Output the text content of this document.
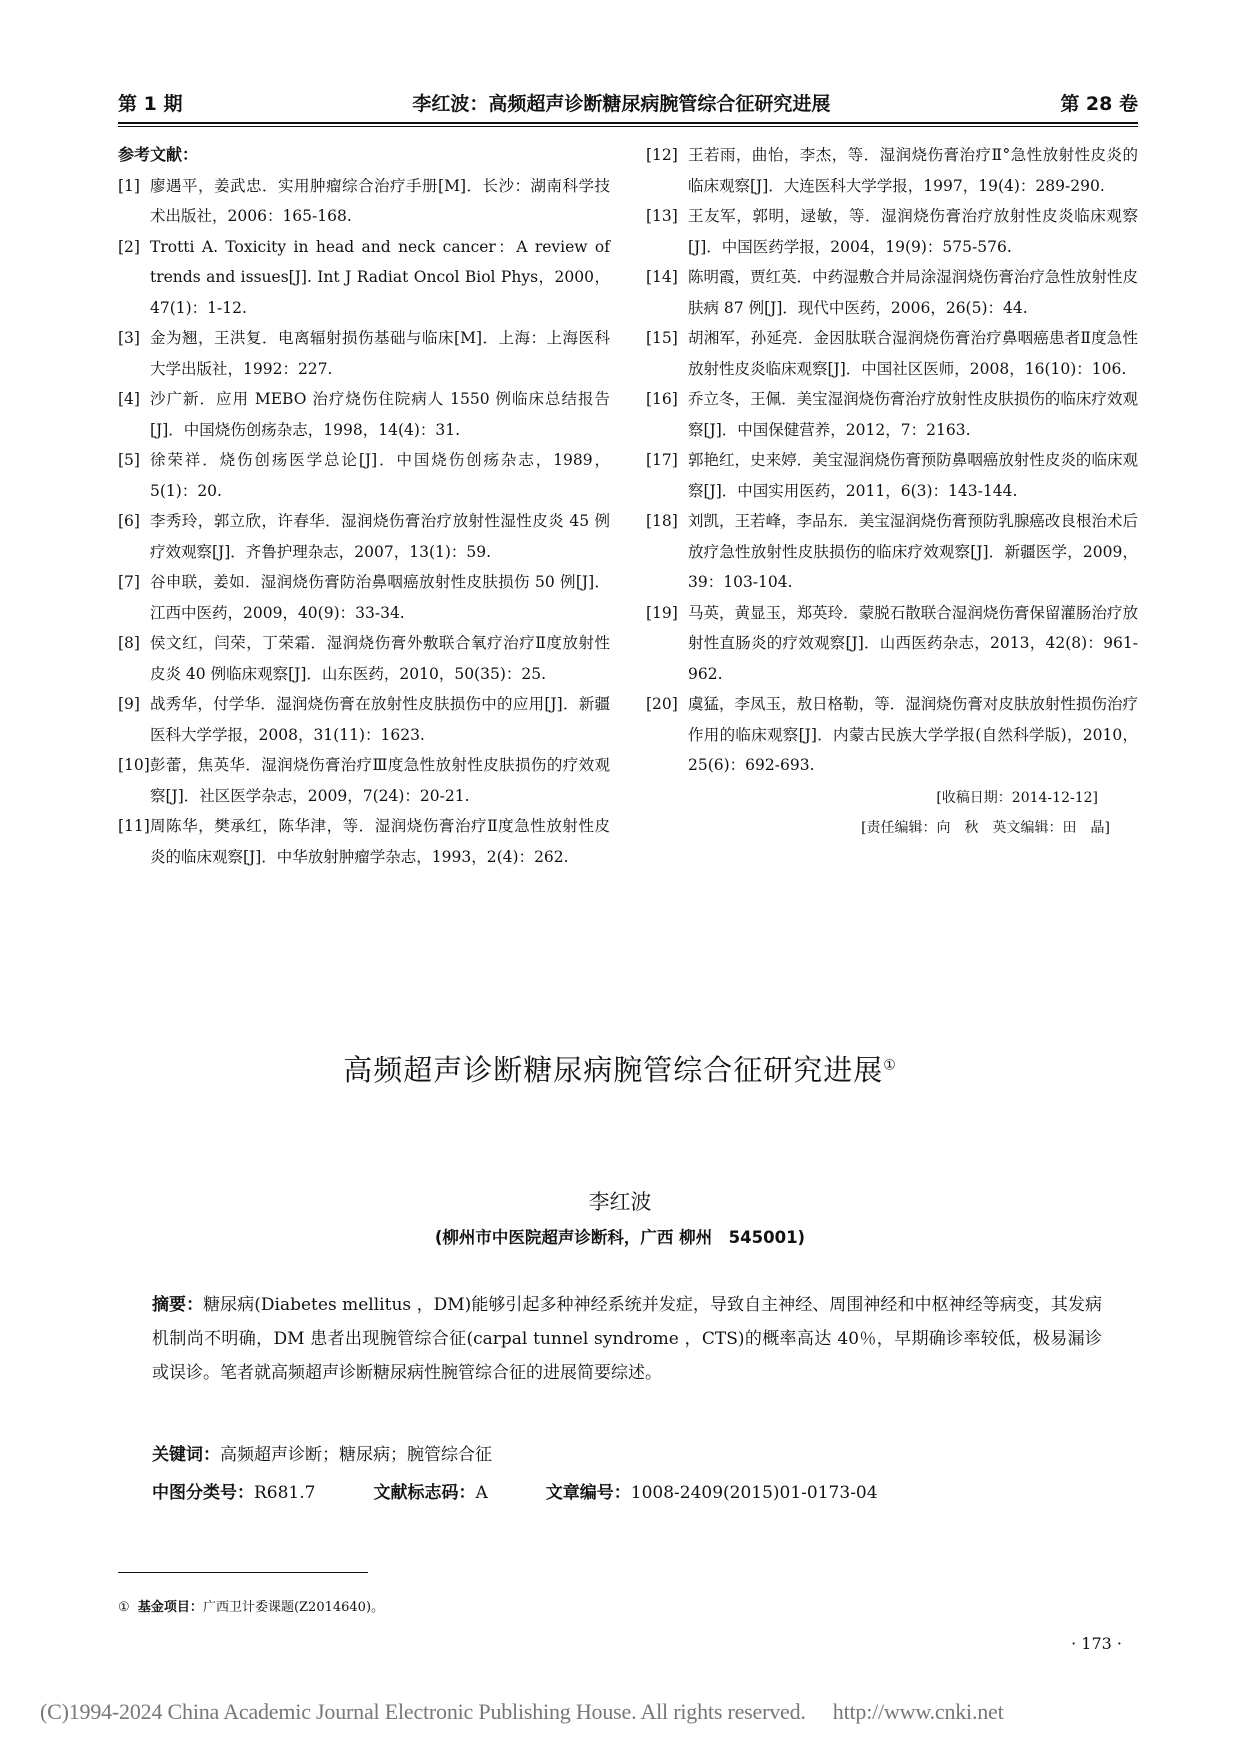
第 1 期	李红波：高频超声诊断糖尿病腕管综合征研究进展	第 28 卷
参考文献：
[1] 廖遇平，姜武忠．实用肿瘤综合治疗手册[M]．长沙：湖南科学技术出版社，2006：165-168.
[2] Trotti A. Toxicity in head and neck cancer：A review of trends and issues[J]. Int J Radiat Oncol Biol Phys，2000，47(1)：1-12.
[3] 金为翘，王洪复．电离辐射损伤基础与临床[M]．上海：上海医科大学出版社，1992：227.
[4] 沙广新．应用 MEBO 治疗烧伤住院病人 1550 例临床总结报告[J]．中国烧伤创疡杂志，1998，14(4)：31.
[5] 徐荣祥．烧伤创疡医学总论[J]．中国烧伤创疡杂志，1989，5(1)：20.
[6] 李秀玲，郭立欣，许春华．湿润烧伤膏治疗放射性湿性皮炎 45 例疗效观察[J]．齐鲁护理杂志，2007，13(1)：59.
[7] 谷申联，姜如．湿润烧伤膏防治鼻咽癌放射性皮肤损伤 50 例[J]．江西中医药，2009，40(9)：33-34.
[8] 侯文红，闫荣，丁荣霜．湿润烧伤膏外敷联合氧疗治疗Ⅱ度放射性皮炎 40 例临床观察[J]．山东医药，2010，50(35)：25.
[9] 战秀华，付学华．湿润烧伤膏在放射性皮肤损伤中的应用[J]．新疆医科大学学报，2008，31(11)：1623.
[10] 彭蕾，焦英华．湿润烧伤膏治疗Ⅲ度急性放射性皮肤损伤的疗效观察[J]．社区医学杂志，2009，7(24)：20-21.
[11] 周陈华，樊承红，陈华津，等．湿润烧伤膏治疗Ⅱ度急性放射性皮炎的临床观察[J]．中华放射肿瘤学杂志，1993，2(4)：262.
[12] 王若雨，曲怡，李杰，等．湿润烧伤膏治疗Ⅱ°急性放射性皮炎的临床观察[J]．大连医科大学学报，1997，19(4)：289-290.
[13] 王友军，郭明，逯敏，等．湿润烧伤膏治疗放射性皮炎临床观察[J]．中国医药学报，2004，19(9)：575-576.
[14] 陈明霞，贾红英．中药湿敷合并局涂湿润烧伤膏治疗急性放射性皮肤病 87 例[J]．现代中医药，2006，26(5)：44.
[15] 胡湘军，孙延亮．金因肽联合湿润烧伤膏治疗鼻咽癌患者Ⅱ度急性放射性皮炎临床观察[J]．中国社区医师，2008，16(10)：106.
[16] 乔立冬，王佩．美宝湿润烧伤膏治疗放射性皮肤损伤的临床疗效观察[J]．中国保健营养，2012，7：2163.
[17] 郭艳红，史来婷．美宝湿润烧伤膏预防鼻咽癌放射性皮炎的临床观察[J]．中国实用医药，2011，6(3)：143-144.
[18] 刘凯，王若峰，李品东．美宝湿润烧伤膏预防乳腺癌改良根治术后放疗急性放射性皮肤损伤的临床疗效观察[J]．新疆医学，2009，39：103-104.
[19] 马英，黄显玉，郑英玲．蒙脱石散联合湿润烧伤膏保留灌肠治疗放射性直肠炎的疗效观察[J]．山西医药杂志，2013，42(8)：961-962.
[20] 虞猛，李凤玉，敖日格勒，等．湿润烧伤膏对皮肤放射性损伤治疗作用的临床观察[J]．内蒙古民族大学学报(自然科学版)，2010，25(6)：692-693.
[收稿日期：2014-12-12]
[责任编辑：向　秋　英文编辑：田　晶]
高频超声诊断糖尿病腕管综合征研究进展①
李红波
(柳州市中医院超声诊断科，广西 柳州　545001)
摘要：糖尿病(Diabetes mellitus ，DM)能够引起多种神经系统并发症，导致自主神经、周围神经和中枢神经等病变，其发病机制尚不明确，DM 患者出现腕管综合征(carpal tunnel syndrome ，CTS)的概率高达 40％，早期确诊率较低，极易漏诊或误诊。笔者就高频超声诊断糖尿病性腕管综合征的进展简要综述。
关键词：高频超声诊断；糖尿病；腕管综合征
中图分类号：R681.7	文献标志码：A	文章编号：1008-2409(2015)01-0173-04
① 基金项目：广西卫计委课题(Z2014640)。
· 173 ·
(C)1994-2024 China Academic Journal Electronic Publishing House. All rights reserved.　 http://www.cnki.net
